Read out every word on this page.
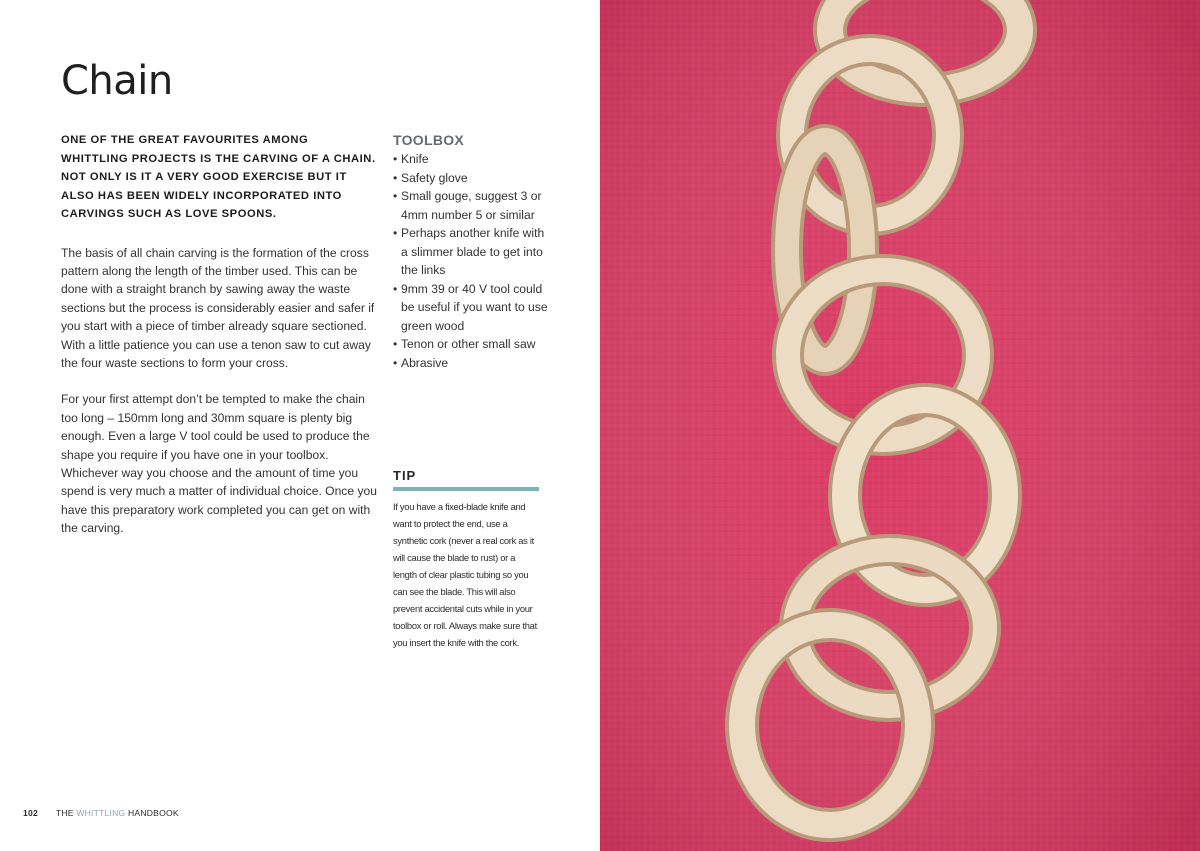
Chain

ONE OF THE GREAT FAVOURITES AMONG WHITTLING PROJECTS IS THE CARVING OF A CHAIN. NOT ONLY IS IT A VERY GOOD EXERCISE BUT IT ALSO HAS BEEN WIDELY INCORPORATED INTO CARVINGS SUCH AS LOVE SPOONS.

The basis of all chain carving is the formation of the cross pattern along the length of the timber used. This can be done with a straight branch by sawing away the waste sections but the process is considerably easier and safer if you start with a piece of timber already square sectioned. With a little patience you can use a tenon saw to cut away the four waste sections to form your cross.

For your first attempt don’t be tempted to make the chain too long – 150mm long and 30mm square is plenty big enough. Even a large V tool could be used to produce the shape you require if you have one in your toolbox. Whichever way you choose and the amount of time you spend is very much a matter of individual choice. Once you have this preparatory work completed you can get on with the carving.

TOOLBOX
• Knife
• Safety glove
• Small gouge, suggest 3 or 4mm number 5 or similar
• Perhaps another knife with a slimmer blade to get into the links
• 9mm 39 or 40 V tool could be useful if you want to use green wood
• Tenon or other small saw
• Abrasive
TIP

If you have a fixed-blade knife and want to protect the end, use a synthetic cork (never a real cork as it will cause the blade to rust) or a length of clear plastic tubing so you can see the blade. This will also prevent accidental cuts while in your toolbox or roll. Always make sure that you insert the knife with the cork.

102 THE WHITTLING HANDBOOK
